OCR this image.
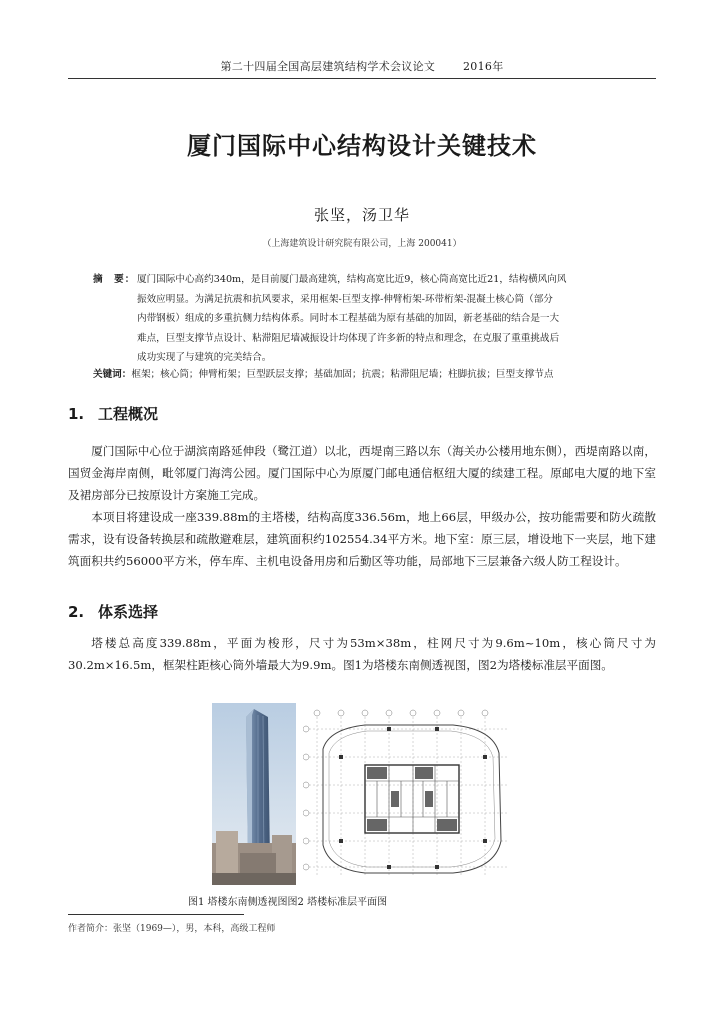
第二十四届全国高层建筑结构学术会议论文	2016年
厦门国际中心结构设计关键技术
张坚，汤卫华
（上海建筑设计研究院有限公司，上海 200041）
摘　要： 厦门国际中心高约340m，是目前厦门最高建筑，结构高宽比近9，核心筒高宽比近21，结构横风向风
振效应明显。为满足抗震和抗风要求，采用框架-巨型支撑-伸臂桁架-环带桁架-混凝土核心筒（部分
内带钢板）组成的多重抗侧力结构体系。同时本工程基础为原有基础的加固，新老基础的结合是一大
难点，巨型支撑节点设计、粘滞阻尼墙减振设计均体现了许多新的特点和理念，在克服了重重挑战后
成功实现了与建筑的完美结合。
关键词：框架；核心筒；伸臂桁架；巨型跃层支撑；基础加固；抗震；粘滞阻尼墙；柱脚抗拔；巨型支撑节点
1. 工程概况

厦门国际中心位于湖滨南路延伸段（鹭江道）以北，西堤南三路以东（海关办公楼用地东侧），西堤南路以南，国贸金海岸南侧，毗邻厦门海湾公园。厦门国际中心为原厦门邮电通信枢纽大厦的续建工程。原邮电大厦的地下室及裙房部分已按原设计方案施工完成。

本项目将建设成一座339.88m的主塔楼，结构高度336.56m，地上66层，甲级办公，按功能需要和防火疏散需求，设有设备转换层和疏散避难层，建筑面积约102554.34平方米。地下室：原三层，增设地下一夹层，地下建筑面积共约56000平方米，停车库、主机电设备用房和后勤区等功能，局部地下三层兼备六级人防工程设计。

2. 体系选择

塔楼总高度339.88m，平面为梭形，尺寸为53m×38m，柱网尺寸为9.6m~10m，核心筒尺寸为30.2m×16.5m，框架柱距核心筒外墙最大为9.9m。图1为塔楼东南侧透视图，图2为塔楼标准层平面图。

图1 塔楼东南侧透视图图2 塔楼标准层平面图
作者简介：张坚（1969—），男，本科，高级工程师
